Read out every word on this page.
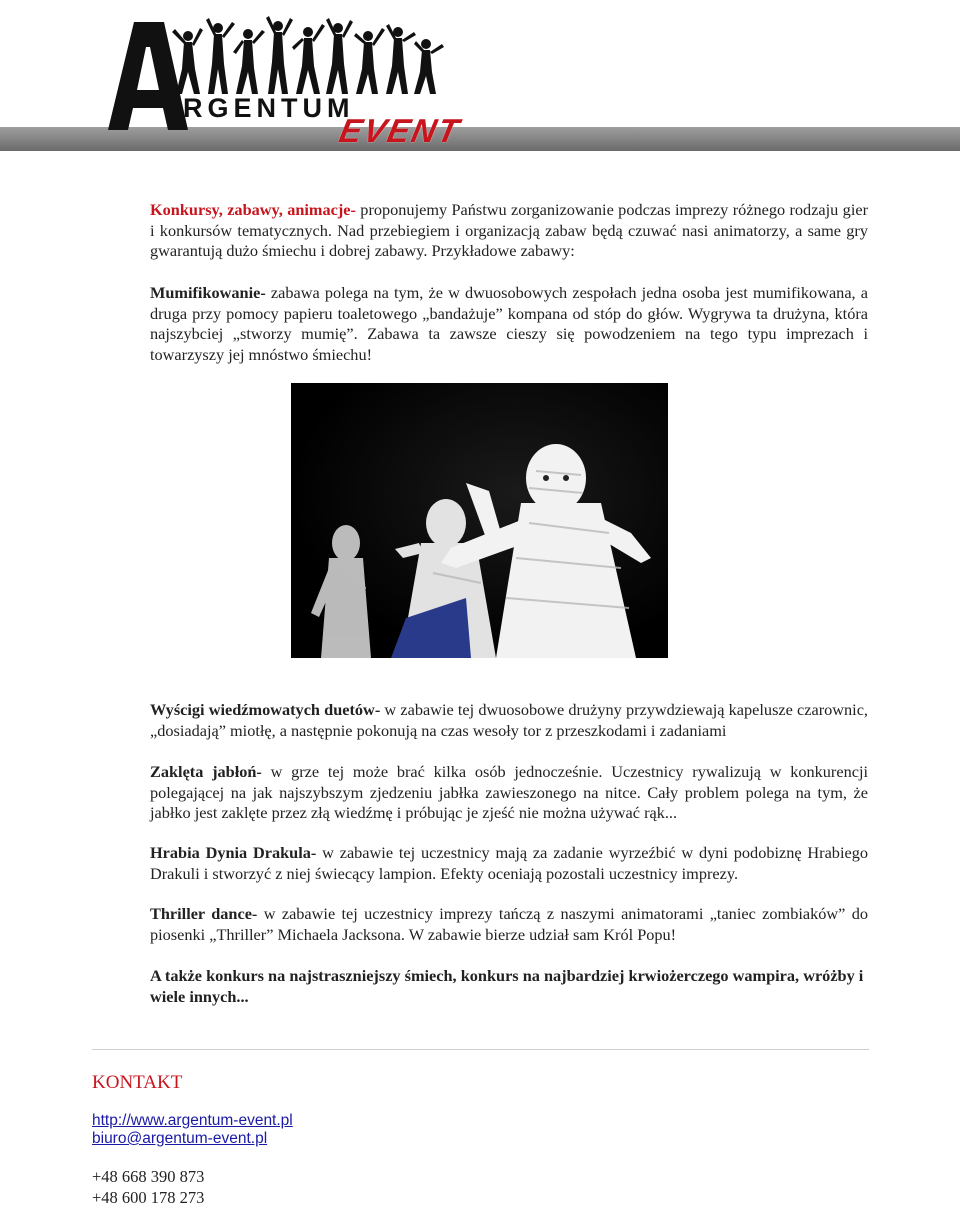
RGENTUM
EVENT
Konkursy, zabawy, animacje- proponujemy Państwu zorganizowanie podczas imprezy różnego rodzaju gier i konkursów tematycznych. Nad przebiegiem i organizacją zabaw będą czuwać nasi animatorzy, a same gry gwarantują dużo śmiechu i dobrej zabawy. Przykładowe zabawy:
Mumifikowanie- zabawa polega na tym, że w dwuosobowych zespołach jedna osoba jest mumifikowana, a druga przy pomocy papieru toaletowego „bandażuje” kompana od stóp do głów. Wygrywa ta drużyna, która najszybciej „stworzy mumię”. Zabawa ta zawsze cieszy się powodzeniem na tego typu imprezach i towarzyszy jej mnóstwo śmiechu!
Wyścigi wiedźmowatych duetów- w zabawie tej dwuosobowe drużyny przywdziewają kapelusze czarownic, „dosiadają” miotłę, a następnie pokonują na czas wesoły tor z przeszkodami i zadaniami
Zaklęta jabłoń- w grze tej może brać kilka osób jednocześnie. Uczestnicy rywalizują w konkurencji polegającej na jak najszybszym zjedzeniu jabłka zawieszonego na nitce. Cały problem polega na tym, że jabłko jest zaklęte przez złą wiedźmę i próbując je zjeść nie można używać rąk...
Hrabia Dynia Drakula- w zabawie tej uczestnicy mają za zadanie wyrzeźbić w dyni podobiznę Hrabiego Drakuli i stworzyć z niej świecący lampion. Efekty oceniają pozostali uczestnicy imprezy.
Thriller dance- w zabawie tej uczestnicy imprezy tańczą z naszymi animatorami „taniec zombiaków” do piosenki „Thriller” Michaela Jacksona. W zabawie bierze udział sam Król Popu!
A także konkurs na najstraszniejszy śmiech, konkurs na najbardziej krwiożerczego wampira, wróżby i wiele innych...
KONTAKT
http://www.argentum-event.pl
biuro@argentum-event.pl
+48 668 390 873
+48 600 178 273
